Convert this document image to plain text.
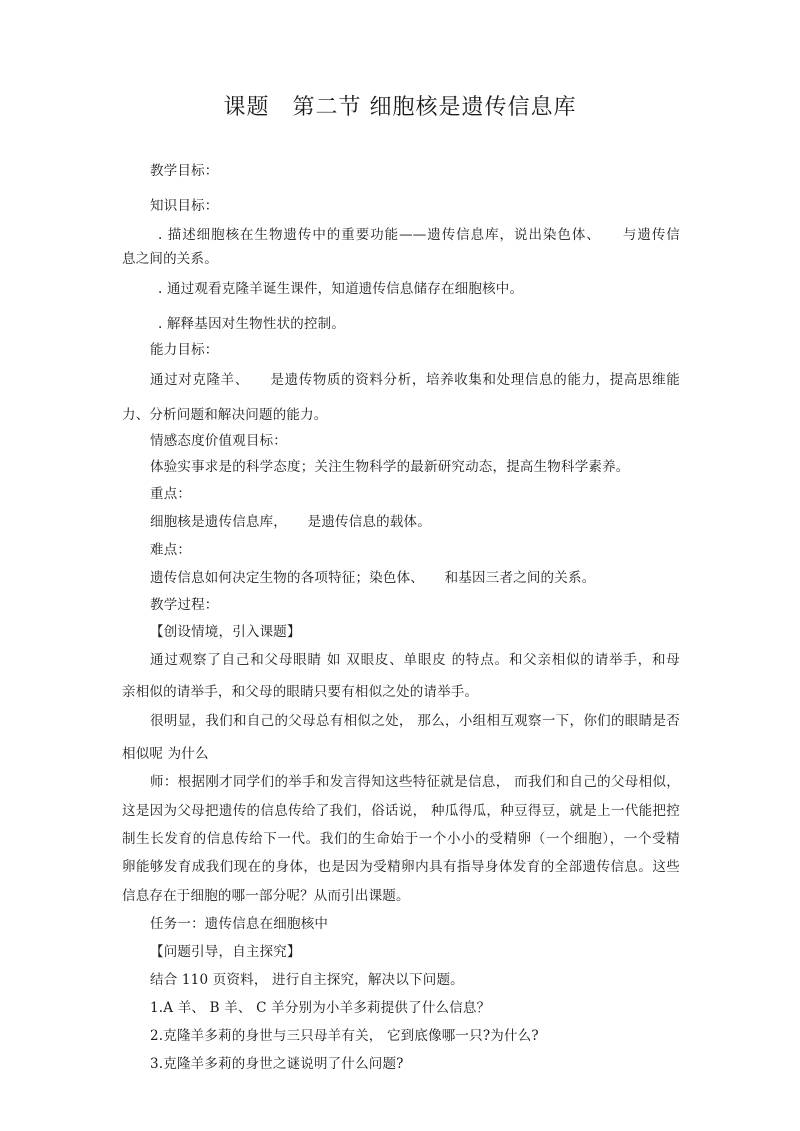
课题　第二节 细胞核是遗传信息库
教学目标：
知识目标：
. 描述细胞核在生物遗传中的重要功能——遗传信息库，说出染色体、　　与遗传信
息之间的关系。
. 通过观看克隆羊诞生课件，知道遗传信息储存在细胞核中。
. 解释基因对生物性状的控制。
能力目标：
通过对克隆羊、　　是遗传物质的资料分析，培养收集和处理信息的能力，提高思维能
力、分析问题和解决问题的能力。
情感态度价值观目标：
体验实事求是的科学态度；关注生物科学的最新研究动态，提高生物科学素养。
重点：
细胞核是遗传信息库，　　是遗传信息的载体。
难点：
遗传信息如何决定生物的各项特征；染色体、　　和基因三者之间的关系。
教学过程：
【创设情境，引入课题】
通过观察了自己和父母眼睛 如 双眼皮、单眼皮 的特点。和父亲相似的请举手，和母
亲相似的请举手，和父母的眼睛只要有相似之处的请举手。
很明显，我们和自己的父母总有相似之处， 那么，小组相互观察一下，你们的眼睛是否
相似呢 为什么
师：根据刚才同学们的举手和发言得知这些特征就是信息， 而我们和自己的父母相似，
这是因为父母把遗传的信息传给了我们，俗话说， 种瓜得瓜，种豆得豆，就是上一代能把控
制生长发育的信息传给下一代。我们的生命始于一个小小的受精卵（一个细胞），一个受精
卵能够发育成我们现在的身体，也是因为受精卵内具有指导身体发育的全部遗传信息。这些
信息存在于细胞的哪一部分呢？从而引出课题。
任务一：遗传信息在细胞核中
【问题引导，自主探究】
结合 110 页资料， 进行自主探究，解决以下问题。
1.A 羊、 B 羊、 C 羊分别为小羊多莉提供了什么信息？
2.克隆羊多莉的身世与三只母羊有关， 它到底像哪一只?为什么?
3.克隆羊多莉的身世之谜说明了什么问题?
